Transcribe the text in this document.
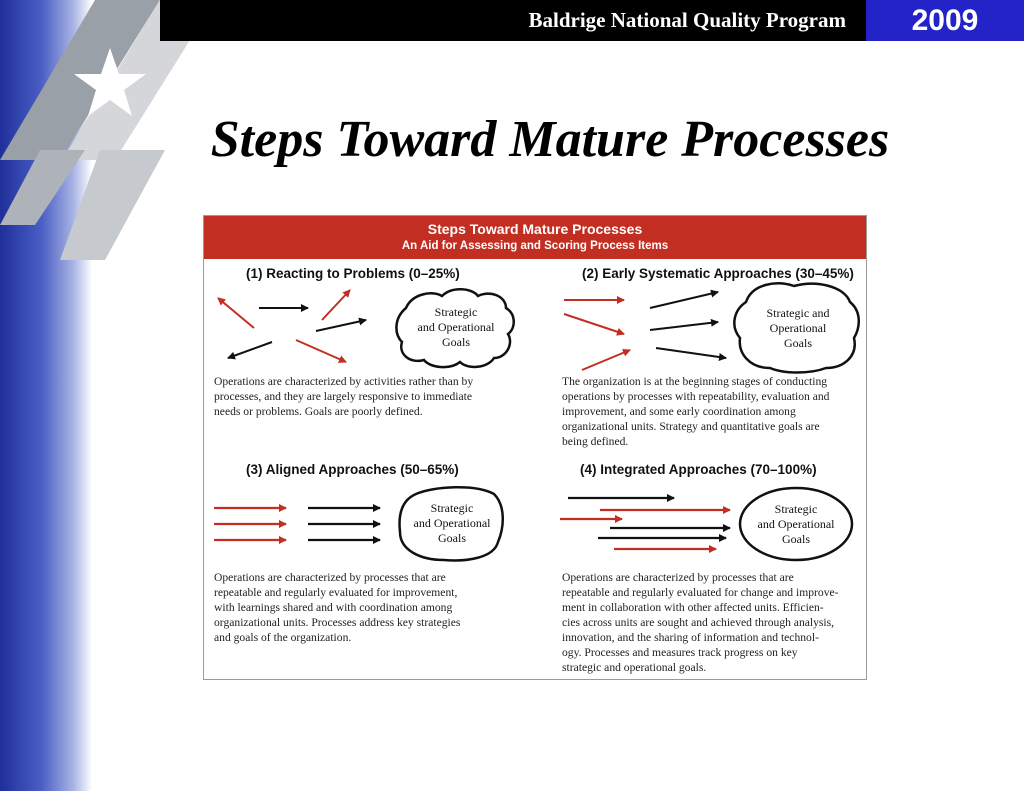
Baldrige National Quality Program	2009
Steps Toward Mature Processes
Steps Toward Mature Processes
An Aid for Assessing and Scoring Process Items
(1) Reacting to Problems (0–25%)
Strategic
and Operational
Goals
Operations are characterized by activities rather than by
processes, and they are largely responsive to immediate
needs or problems. Goals are poorly defined.
(2) Early Systematic Approaches (30–45%)
Strategic and
Operational
Goals
The organization is at the beginning stages of conducting
operations by processes with repeatability, evaluation and
improvement, and some early coordination among
organizational units. Strategy and quantitative goals are
being defined.
(3) Aligned Approaches (50–65%)
Strategic
and Operational
Goals
Operations are characterized by processes that are
repeatable and regularly evaluated for improvement,
with learnings shared and with coordination among
organizational units. Processes address key strategies
and goals of the organization.
(4) Integrated Approaches (70–100%)
Strategic
and Operational
Goals
Operations are characterized by processes that are
repeatable and regularly evaluated for change and improve-
ment in collaboration with other affected units. Efficien-
cies across units are sought and achieved through analysis,
innovation, and the sharing of information and technol-
ogy. Processes and measures track progress on key
strategic and operational goals.
